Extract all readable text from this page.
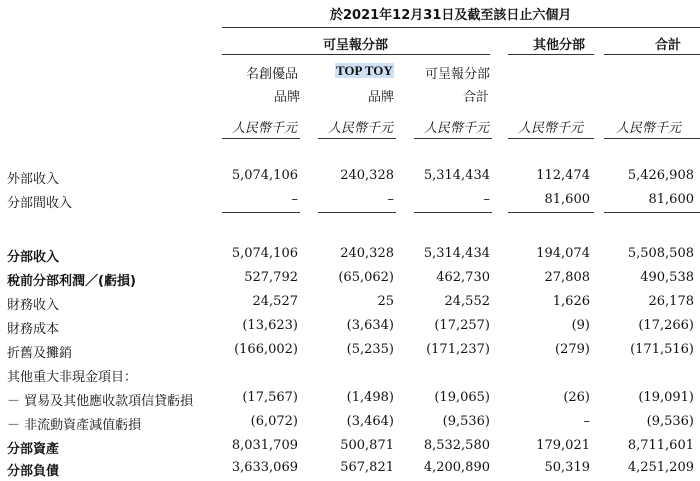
於2021年12月31日及截至該日止六個月
可呈報分部	其他分部	合計
名創優品
品牌
TOP TOY
品牌
可呈報分部
合計
人民幣千元 人民幣千元 人民幣千元 人民幣千元	人民幣千元
外部收入	5,074,106	240,328 5,314,434	112,474	5,426,908
分部間收入	–	–	–	81,600	81,600
分部收入	5,074,106	240,328 5,314,434	194,074	5,508,508
稅前分部利潤／(虧損)	527,792	(65,062)	462,730	27,808	490,538
財務收入	24,527	25	24,552	1,626	26,178
財務成本	(13,623)	(3,634)	(17,257)	(9)	(17,266)
折舊及攤銷	(166,002)	(5,235) (171,237)	(279)	(171,516)
其他重大非現金項目：
－ 貿易及其他應收款項信貸虧損	(17,567)	(1,498)	(19,065)	(26)	(19,091)
－ 非流動資產減值虧損	(6,072)	(3,464)	(9,536)	–	(9,536)
分部資產	8,031,709	500,871 8,532,580	179,021	8,711,601
分部負債	3,633,069	567,821 4,200,890	50,319	4,251,209
